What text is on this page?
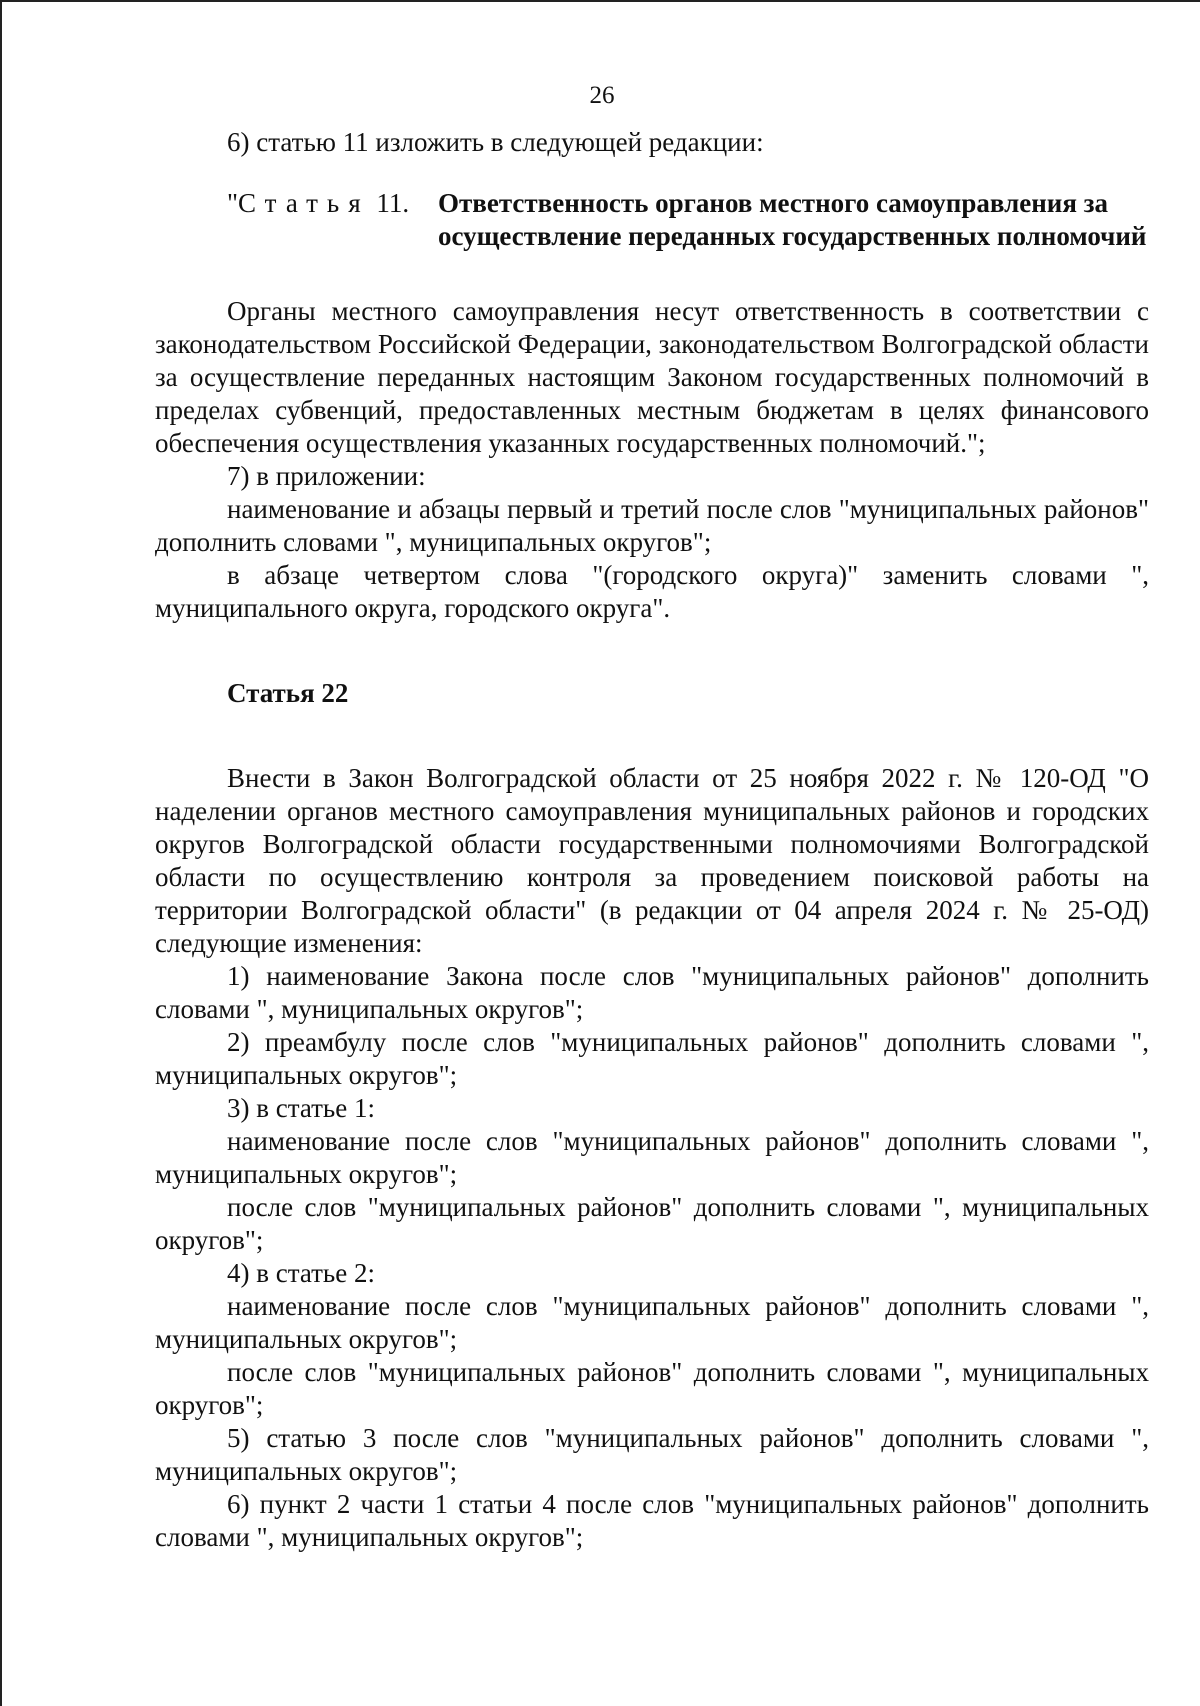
26

6) статью 11 изложить в следующей редакции:

"Статья 11.	Ответственность органов местного самоуправления за осуществление переданных государственных полномочий

Органы местного самоуправления несут ответственность в соответствии с законодательством Российской Федерации, законодательством Волгоградской области за осуществление переданных настоящим Законом государственных полномочий в пределах субвенций, предоставленных местным бюджетам в целях финансового обеспечения осуществления указанных государственных полномочий.";

7) в приложении:

наименование и абзацы первый и третий после слов "муниципальных районов" дополнить словами ", муниципальных округов";

в абзаце четвертом слова "(городского округа)" заменить словами ", муниципального округа, городского округа".

Статья 22

Внести в Закон Волгоградской области от 25 ноября 2022 г. № 120-ОД "О наделении органов местного самоуправления муниципальных районов и городских округов Волгоградской области государственными полномочиями Волгоградской области по осуществлению контроля за проведением поисковой работы на территории Волгоградской области" (в редакции от 04 апреля 2024 г. № 25-ОД) следующие изменения:

1) наименование Закона после слов "муниципальных районов" дополнить словами ", муниципальных округов";

2) преамбулу после слов "муниципальных районов" дополнить словами ", муниципальных округов";

3) в статье 1:

наименование после слов "муниципальных районов" дополнить словами ", муниципальных округов";

после слов "муниципальных районов" дополнить словами ", муниципальных округов";

4) в статье 2:

наименование после слов "муниципальных районов" дополнить словами ", муниципальных округов";

после слов "муниципальных районов" дополнить словами ", муниципальных округов";

5) статью 3 после слов "муниципальных районов" дополнить словами ", муниципальных округов";

6) пункт 2 части 1 статьи 4 после слов "муниципальных районов" дополнить словами ", муниципальных округов";
